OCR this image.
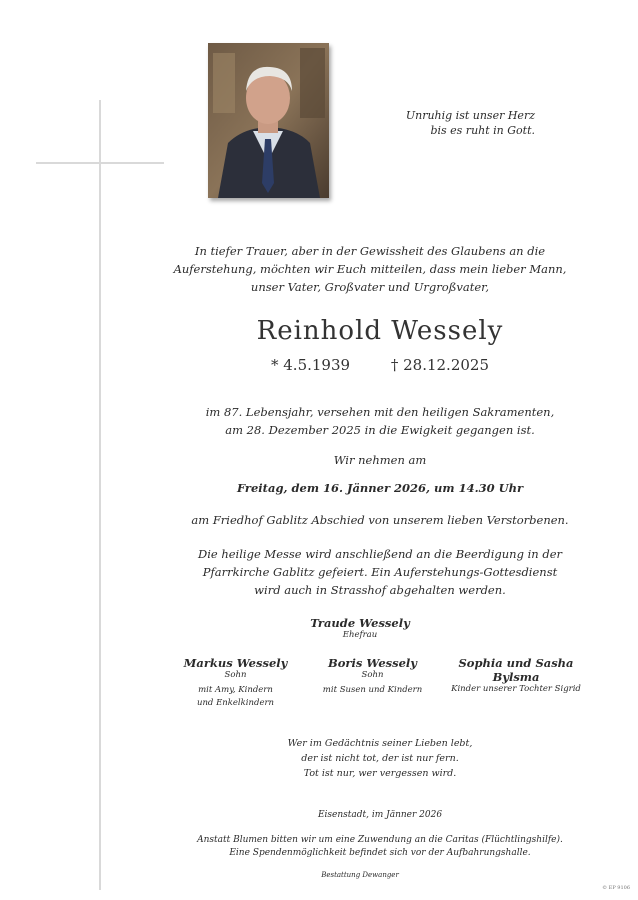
Unruhig ist unser Herz
bis es ruht in Gott.
In tiefer Trauer, aber in der Gewissheit des Glaubens an die
Auferstehung, möchten wir Euch mitteilen, dass mein lieber Mann,
unser Vater, Großvater und Urgroßvater,
Reinhold Wessely
* 4.5.1939	† 28.12.2025
im 87. Lebensjahr, versehen mit den heiligen Sakramenten,
am 28. Dezember 2025 in die Ewigkeit gegangen ist.
Wir nehmen am
Freitag, dem 16. Jänner 2026, um 14.30 Uhr
am Friedhof Gablitz Abschied von unserem lieben Verstorbenen.
Die heilige Messe wird anschließend an die Beerdigung in der
Pfarrkirche Gablitz gefeiert. Ein Auferstehungs-Gottesdienst
wird auch in Strasshof abgehalten werden.
Traude Wessely
Ehefrau
Markus Wessely
Sohn
mit Amy, Kindern
und Enkelkindern
Boris Wessely
Sohn
mit Susen und Kindern
Sophia und Sasha
Bylsma
Kinder unserer Tochter Sigrid
Wer im Gedächtnis seiner Lieben lebt,
der ist nicht tot, der ist nur fern.
Tot ist nur, wer vergessen wird.
Eisenstadt, im Jänner 2026
Anstatt Blumen bitten wir um eine Zuwendung an die Caritas (Flüchtlingshilfe).
Eine Spendenmöglichkeit befindet sich vor der Aufbahrungshalle.
Bestattung Dewanger
© EP 9106
